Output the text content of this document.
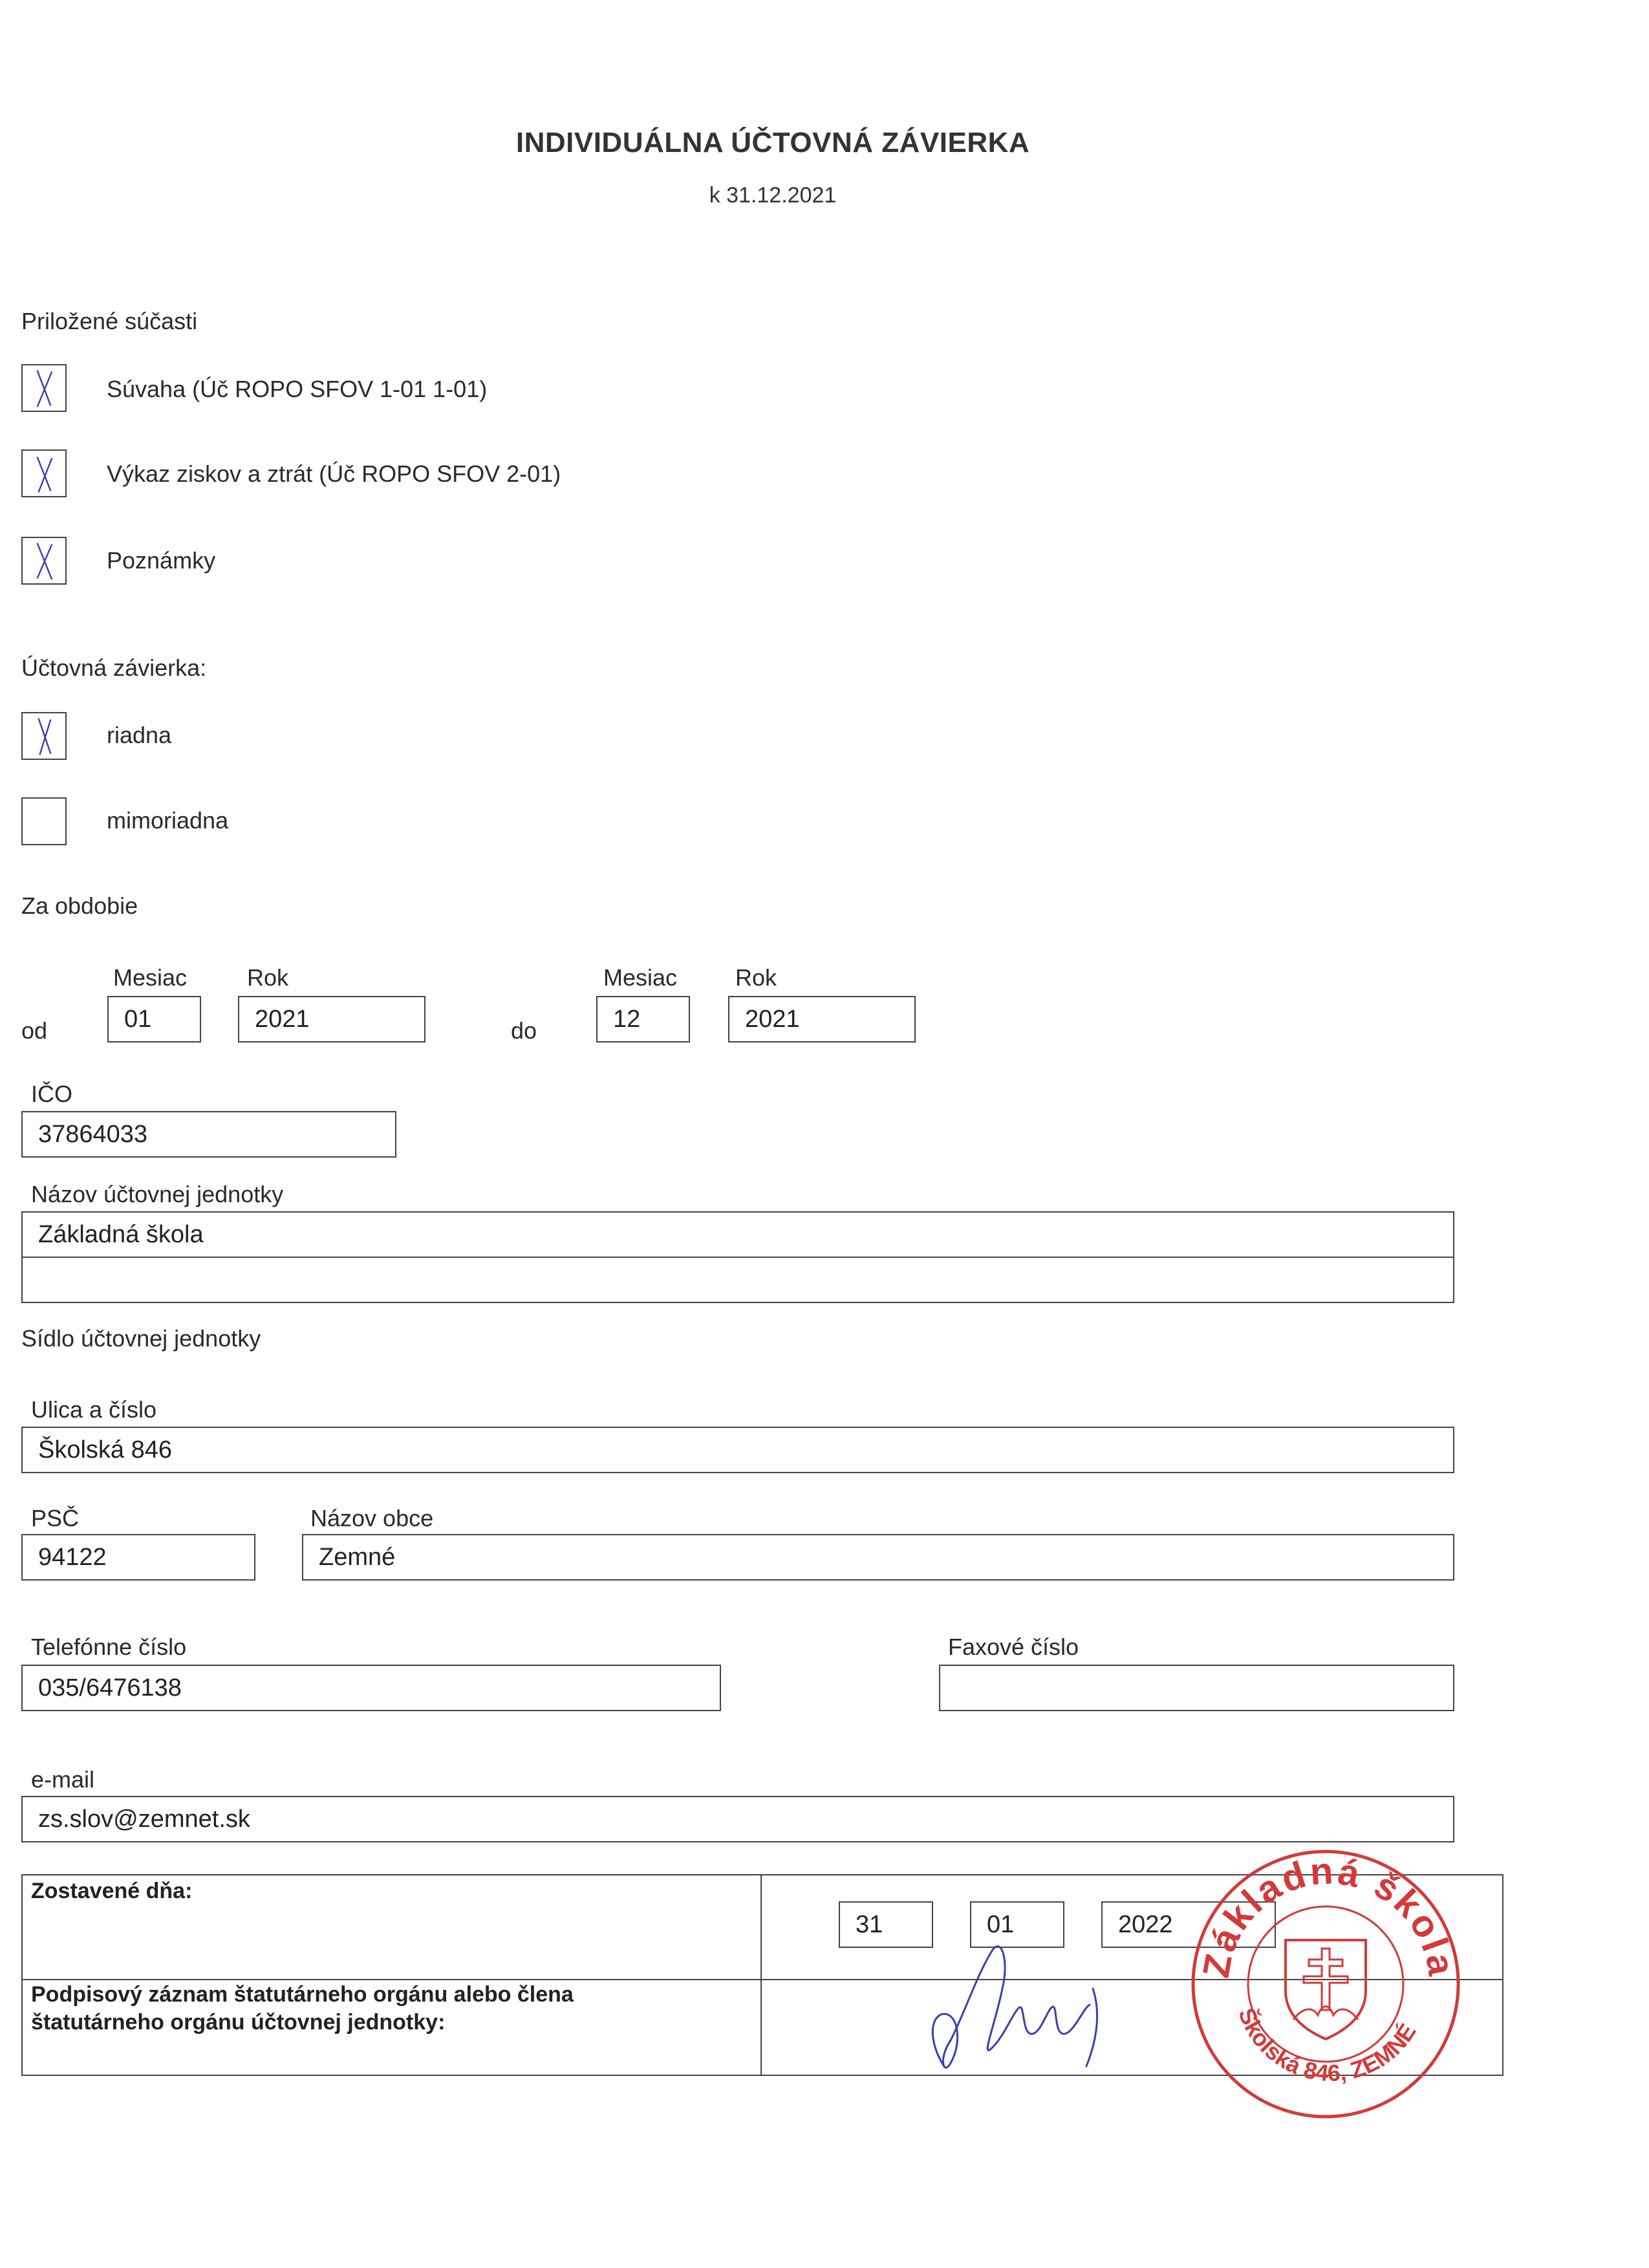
INDIVIDUÁLNA ÚČTOVNÁ ZÁVIERKA
k 31.12.2021
Priložené súčasti
Súvaha (Úč ROPO SFOV 1-01 1-01)
Výkaz ziskov a ztrát (Úč ROPO SFOV 2-01)
Poznámky
Účtovná závierka:
riadna
mimoriadna
Za obdobie
Mesiac	Rok	Mesiac Rok
od	01	2021	do	12	2021
IČO
37864033
Názov účtovnej jednotky
Základná škola
Sídlo účtovnej jednotky
Ulica a číslo
Školská 846
PSČ
94122
Názov obce
Zemné
Telefónne číslo
035/6476138
Faxové číslo
e-mail
zs.slov@zemnet.sk
Zostavené dňa:
31	01	2022
Podpisový záznam štatutárneho orgánu alebo člena
štatutárneho orgánu účtovnej jednotky:
Základná škola
Školská 846, ZEMNÉ
